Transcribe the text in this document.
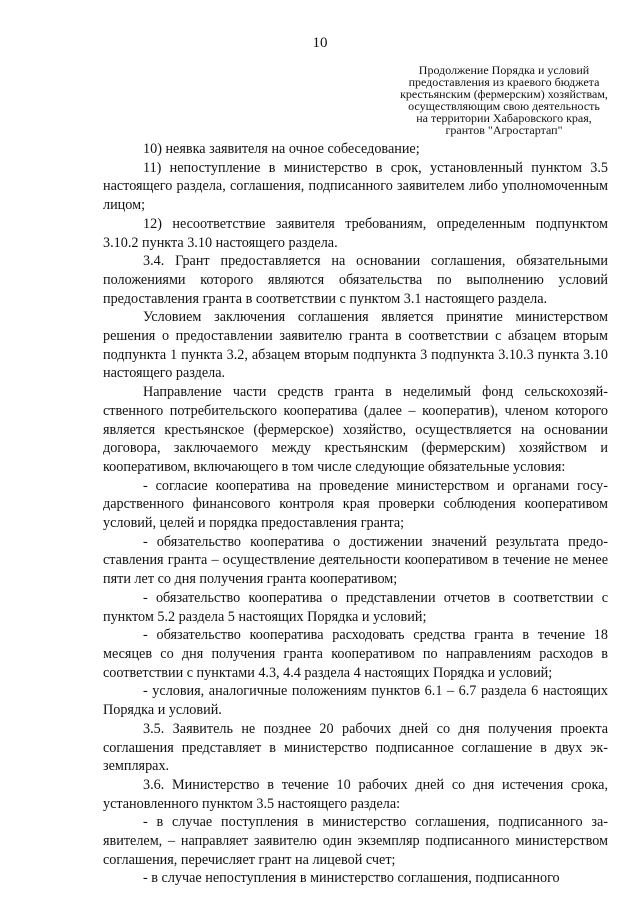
10
Продолжение Порядка и условий
предоставления из краевого бюджета
крестьянским (фермерским) хозяйствам,
осуществляющим свою деятельность
на территории Хабаровского края,
грантов "Агростартап"

10) неявка заявителя на очное собеседование;

11) непоступление в министерство в срок, установленный пунктом 3.5 настоящего раздела, соглашения, подписанного заявителем либо уполномоченным лицом;

12) несоответствие заявителя требованиям, определенным подпунктом 3.10.2 пункта 3.10 настоящего раздела.

3.4. Грант предоставляется на основании соглашения, обязательными положениями которого являются обязательства по выполнению условий предоставления гранта в соответствии с пунктом 3.1 настоящего раздела.

Условием заключения соглашения является принятие министерством решения о предоставлении заявителю гранта в соответствии с абзацем вторым подпункта 1 пункта 3.2, абзацем вторым подпункта 3 подпункта 3.10.3 пункта 3.10 настоящего раздела.

Направление части средств гранта в неделимый фонд сельскохозяйственного потребительского кооператива (далее – кооператив), членом которого является крестьянское (фермерское) хозяйство, осуществляется на основании договора, заключаемого между крестьянским (фермерским) хозяйством и кооперативом, включающего в том числе следующие обязательные условия:

- согласие кооператива на проведение министерством и органами государственного финансового контроля края проверки соблюдения кооперативом условий, целей и порядка предоставления гранта;

- обязательство кооператива о достижении значений результата предоставления гранта – осуществление деятельности кооперативом в течение не менее пяти лет со дня получения гранта кооперативом;

- обязательство кооператива о представлении отчетов в соответствии с пунктом 5.2 раздела 5 настоящих Порядка и условий;

- обязательство кооператива расходовать средства гранта в течение 18 месяцев со дня получения гранта кооперативом по направлениям расходов в соответствии с пунктами 4.3, 4.4 раздела 4 настоящих Порядка и условий;

- условия, аналогичные положениям пунктов 6.1 – 6.7 раздела 6 настоящих Порядка и условий.

3.5. Заявитель не позднее 20 рабочих дней со дня получения проекта соглашения представляет в министерство подписанное соглашение в двух экземплярах.

3.6. Министерство в течение 10 рабочих дней со дня истечения срока, установленного пунктом 3.5 настоящего раздела:

- в случае поступления в министерство соглашения, подписанного заявителем, – направляет заявителю один экземпляр подписанного министерством соглашения, перечисляет грант на лицевой счет;

- в случае непоступления в министерство соглашения, подписанного
